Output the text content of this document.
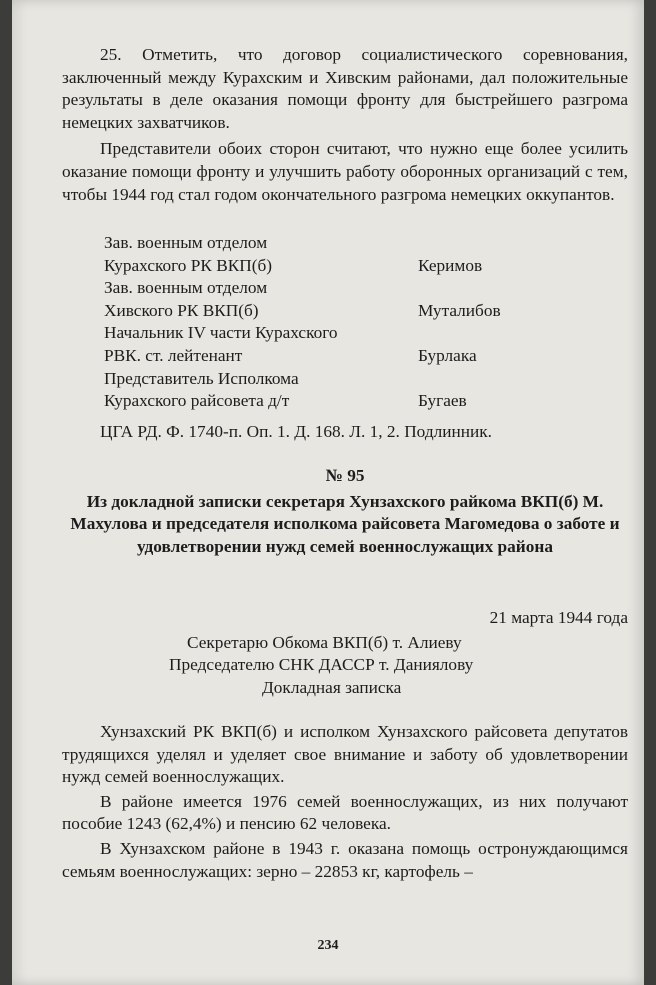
25. Отметить, что договор социалистического соревнования, заключенный между Курахским и Хивским районами, дал положительные результаты в деле оказания помощи фронту для быстрейшего разгрома немецких захватчиков.

Представители обоих сторон считают, что нужно еще более усилить оказание помощи фронту и улучшить работу оборонных организаций с тем, чтобы 1944 год стал годом окончательного разгрома немецких оккупантов.

Зав. военным отделом
Курахского РК ВКП(б)	Керимов
Зав. военным отделом
Хивского РК ВКП(б)	Муталибов
Начальник IV части Курахского
РВК. ст. лейтенант	Бурлака
Представитель Исполкома
Курахского райсовета д/т	Бугаев

ЦГА РД. Ф. 1740-п. Оп. 1. Д. 168. Л. 1, 2. Подлинник.

№ 95

Из докладной записки секретаря Хунзахского райкома ВКП(б) М. Махулова и председателя исполкома райсовета Магомедова о заботе и удовлетворении нужд семей военнослужащих района

21 марта 1944 года

Секретарю Обкома ВКП(б) т. Алиеву

Председателю СНК ДАССР т. Даниялову

Докладная записка

Хунзахский РК ВКП(б) и исполком Хунзахского райсовета депутатов трудящихся уделял и уделяет свое внимание и заботу об удовлетворении нужд семей военнослужащих.

В районе имеется 1976 семей военнослужащих, из них получают пособие 1243 (62,4%) и пенсию 62 человека.

В Хунзахском районе в 1943 г. оказана помощь остронуждающимся семьям военнослужащих: зерно – 22853 кг, картофель –

234
